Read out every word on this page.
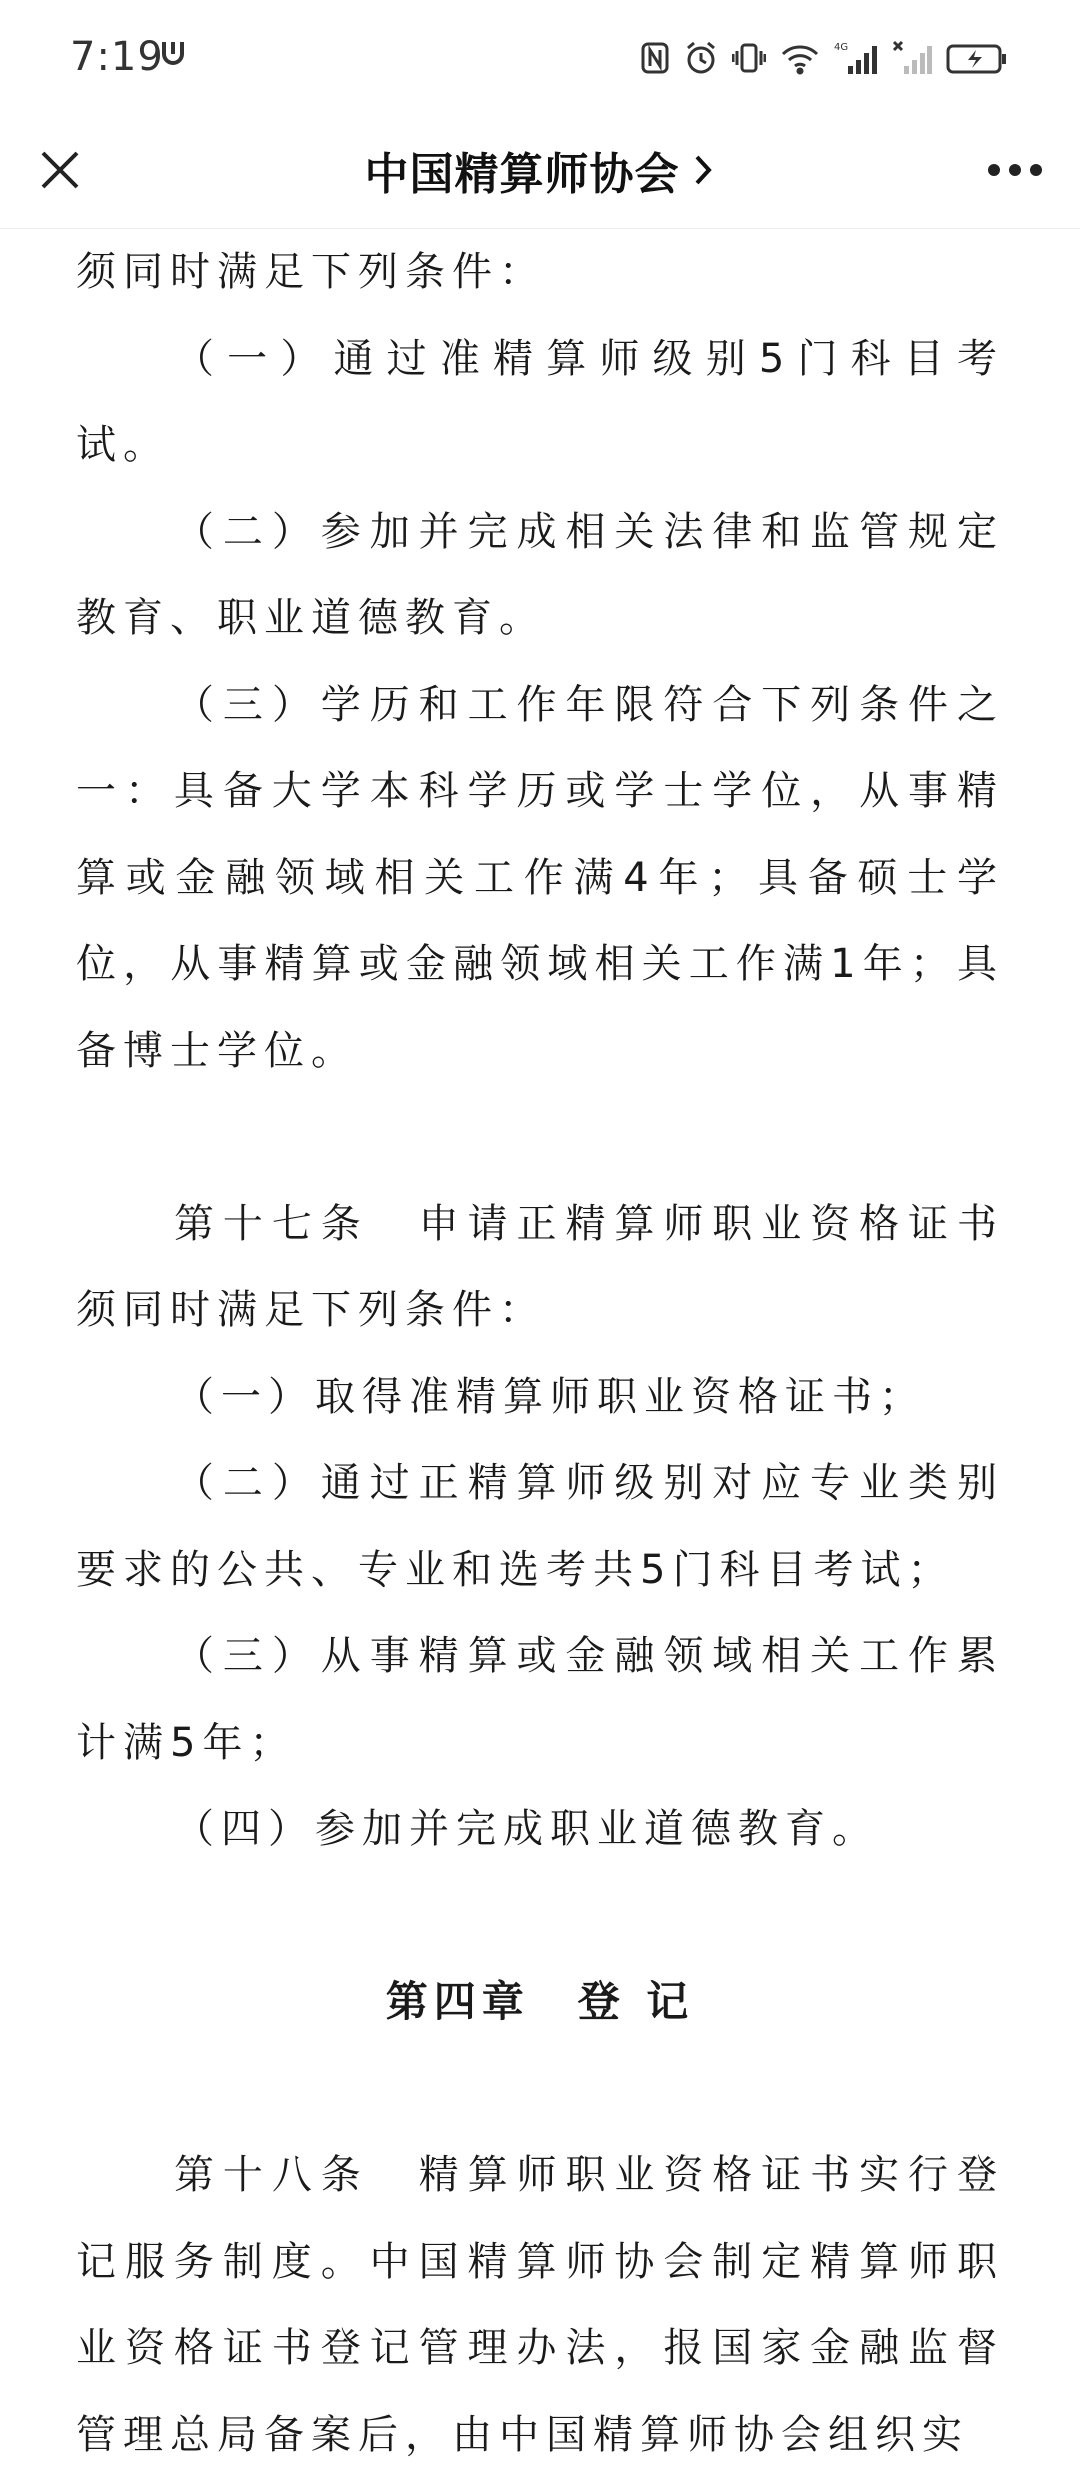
7:19	4G
中国精算师协会

须同时满足下列条件：

（一）通过准精算师级别5门科目考试。

（二）参加并完成相关法律和监管规定教育、职业道德教育。

（三）学历和工作年限符合下列条件之一：具备大学本科学历或学士学位，从事精算或金融领域相关工作满4年；具备硕士学位，从事精算或金融领域相关工作满1年；具备博士学位。

第十七条　申请正精算师职业资格证书须同时满足下列条件：

（一）取得准精算师职业资格证书；

（二）通过正精算师级别对应专业类别要求的公共、专业和选考共5门科目考试；

（三）从事精算或金融领域相关工作累计满5年；

（四）参加并完成职业道德教育。

第四章　登 记

第十八条　精算师职业资格证书实行登记服务制度。中国精算师协会制定精算师职业资格证书登记管理办法，报国家金融监督管理总局备案后，由中国精算师协会组织实
